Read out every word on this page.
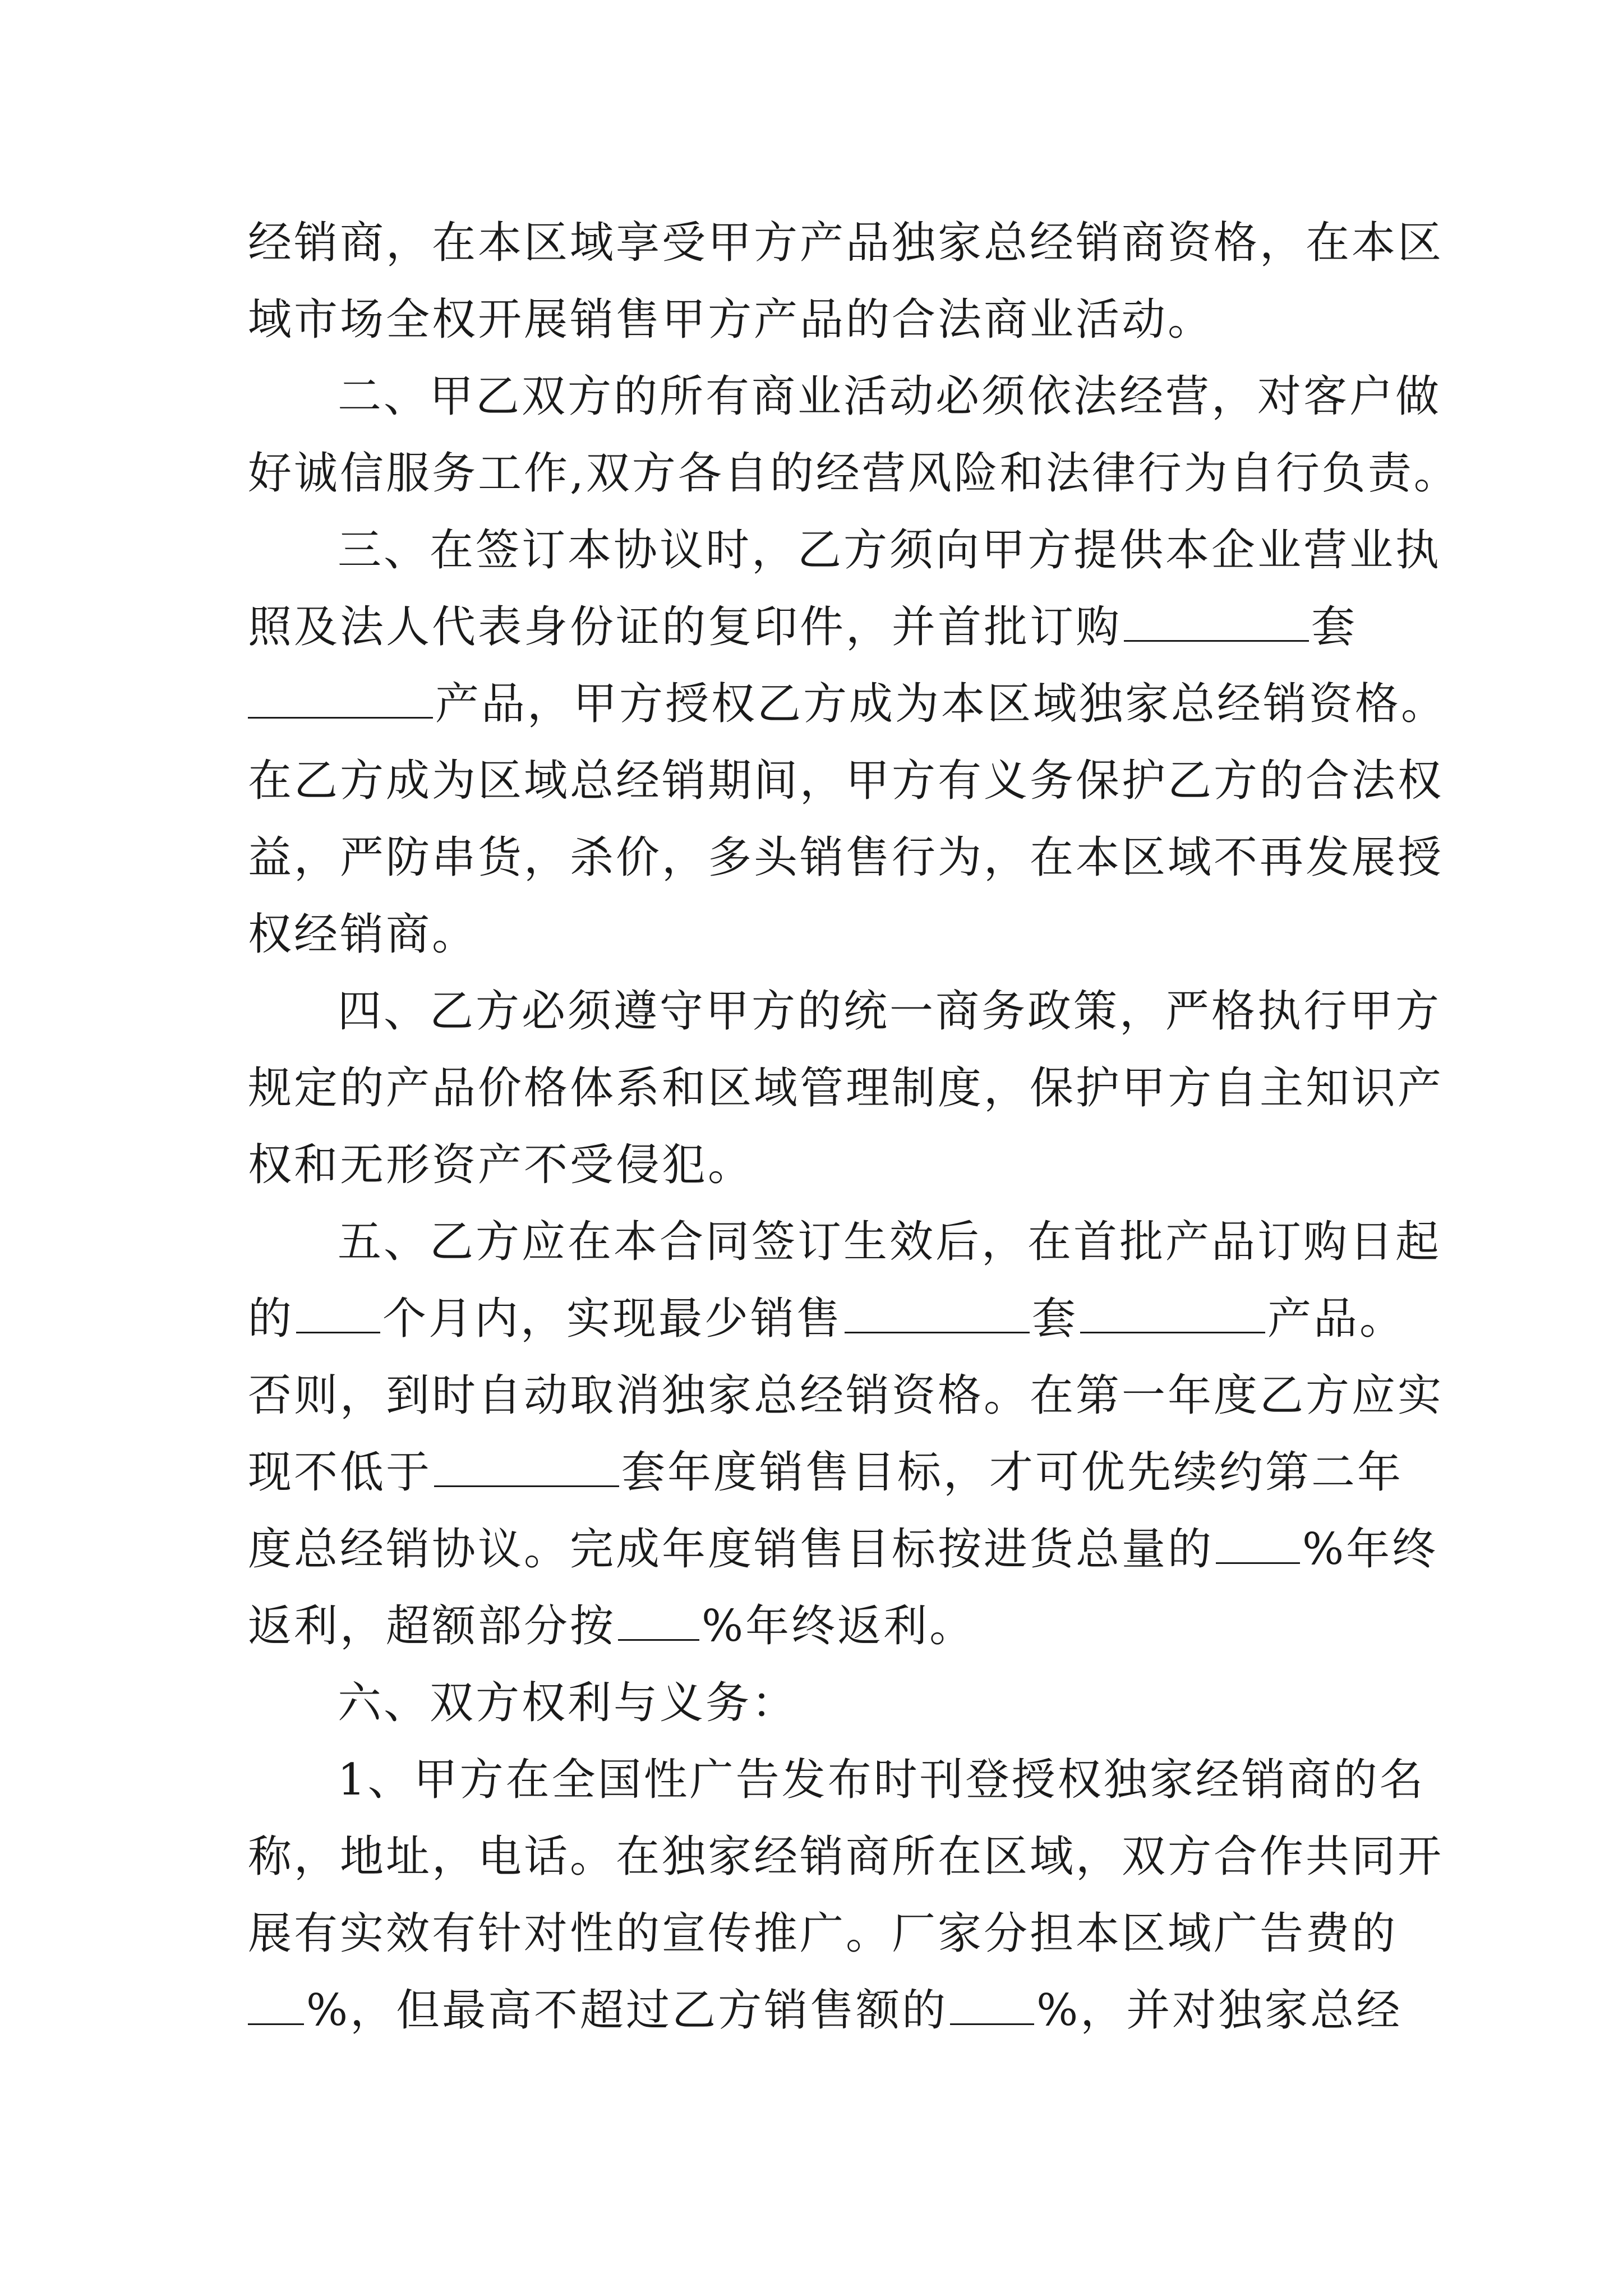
经销商，在本区域享受甲方产品独家总经销商资格，在本区
域市场全权开展销售甲方产品的合法商业活动。
二、甲乙双方的所有商业活动必须依法经营，对客户做
好诚信服务工作,双方各自的经营风险和法律行为自行负责。
三、在签订本协议时，乙方须向甲方提供本企业营业执
照及法人代表身份证的复印件，并首批订购	套
产品，甲方授权乙方成为本区域独家总经销资格。
在乙方成为区域总经销期间，甲方有义务保护乙方的合法权
益，严防串货，杀价，多头销售行为，在本区域不再发展授
权经销商。
四、乙方必须遵守甲方的统一商务政策，严格执行甲方
规定的产品价格体系和区域管理制度，保护甲方自主知识产
权和无形资产不受侵犯。
五、乙方应在本合同签订生效后，在首批产品订购日起
的 个月内，实现最少销售	套	产品。
否则，到时自动取消独家总经销资格。在第一年度乙方应实
现不低于	套年度销售目标，才可优先续约第二年
度总经销协议。完成年度销售目标按进货总量的 %年终
返利，超额部分按 %年终返利。
六、双方权利与义务：
1、甲方在全国性广告发布时刊登授权独家经销商的名
称，地址，电话。在独家经销商所在区域，双方合作共同开
展有实效有针对性的宣传推广。厂家分担本区域广告费的
%，但最高不超过乙方销售额的 %，并对独家总经
